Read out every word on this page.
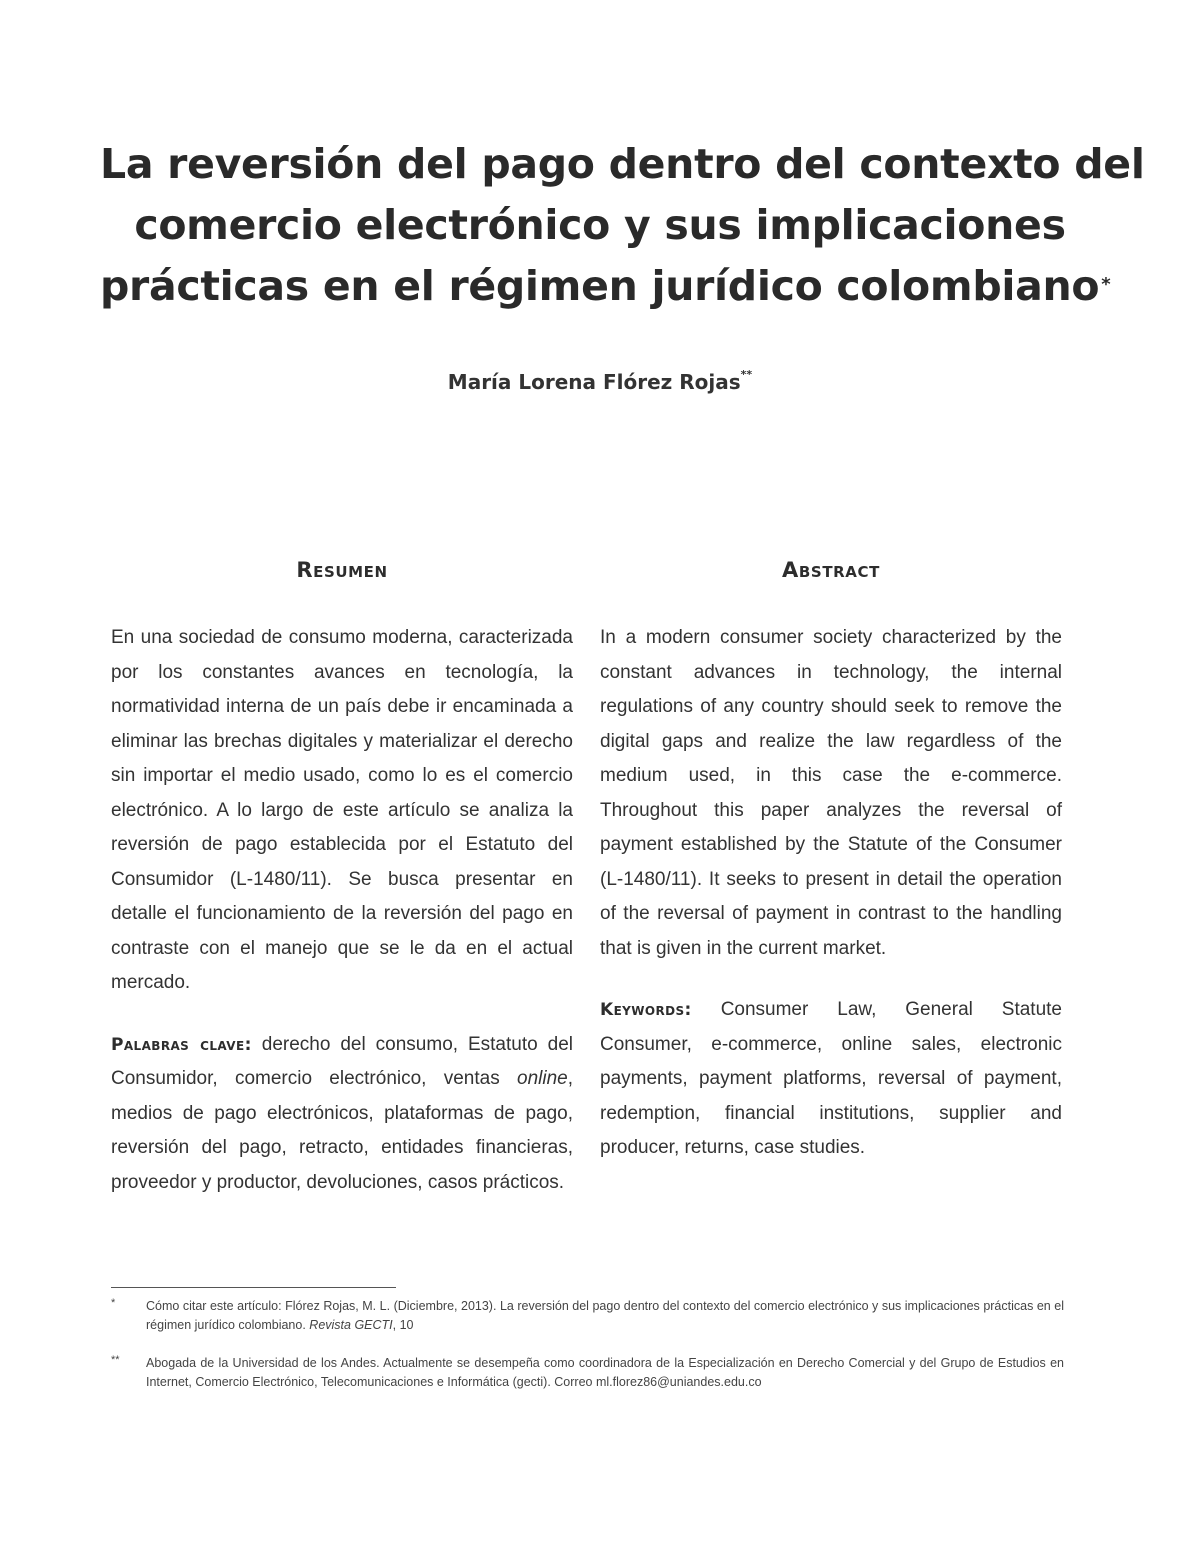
La reversión del pago dentro del contexto del
comercio electrónico y sus implicaciones
prácticas en el régimen jurídico colombiano *
María Lorena Flórez Rojas**
Resumen

En una sociedad de consumo moderna, caracterizada por los constantes avances en tecnología, la normatividad interna de un país debe ir encaminada a eliminar las brechas digitales y materializar el derecho sin importar el medio usado, como lo es el comercio electrónico. A lo largo de este artículo se analiza la reversión de pago establecida por el Estatuto del Consumidor (L-1480/11). Se busca presentar en detalle el funcionamiento de la reversión del pago en contraste con el manejo que se le da en el actual mercado.

Palabras clave: derecho del consumo, Estatuto del Consumidor, comercio electrónico, ventas online, medios de pago electrónicos, plataformas de pago, reversión del pago, retracto, entidades financieras, proveedor y productor, devoluciones, casos prácticos.

Abstract

In a modern consumer society characterized by the constant advances in technology, the internal regulations of any country should seek to remove the digital gaps and realize the law regardless of the medium used, in this case the e-commerce. Throughout this paper analyzes the reversal of payment established by the Statute of the Consumer (L-1480/11). It seeks to present in detail the operation of the reversal of payment in contrast to the handling that is given in the current market.

Keywords: Consumer Law, General Statute Consumer, e-commerce, online sales, electronic payments, payment platforms, reversal of payment, redemption, financial institutions, supplier and producer, returns, case studies.

* Cómo citar este artículo: Flórez Rojas, M. L. (Diciembre, 2013). La reversión del pago dentro del contexto del comercio electrónico y sus implicaciones prácticas en el régimen jurídico colombiano. Revista GECTI, 10
** Abogada de la Universidad de los Andes. Actualmente se desempeña como coordinadora de la Especialización en Derecho Comercial y del Grupo de Estudios en Internet, Comercio Electrónico, Telecomunicaciones e Informática (gecti). Correo ml.florez86@uniandes.edu.co
